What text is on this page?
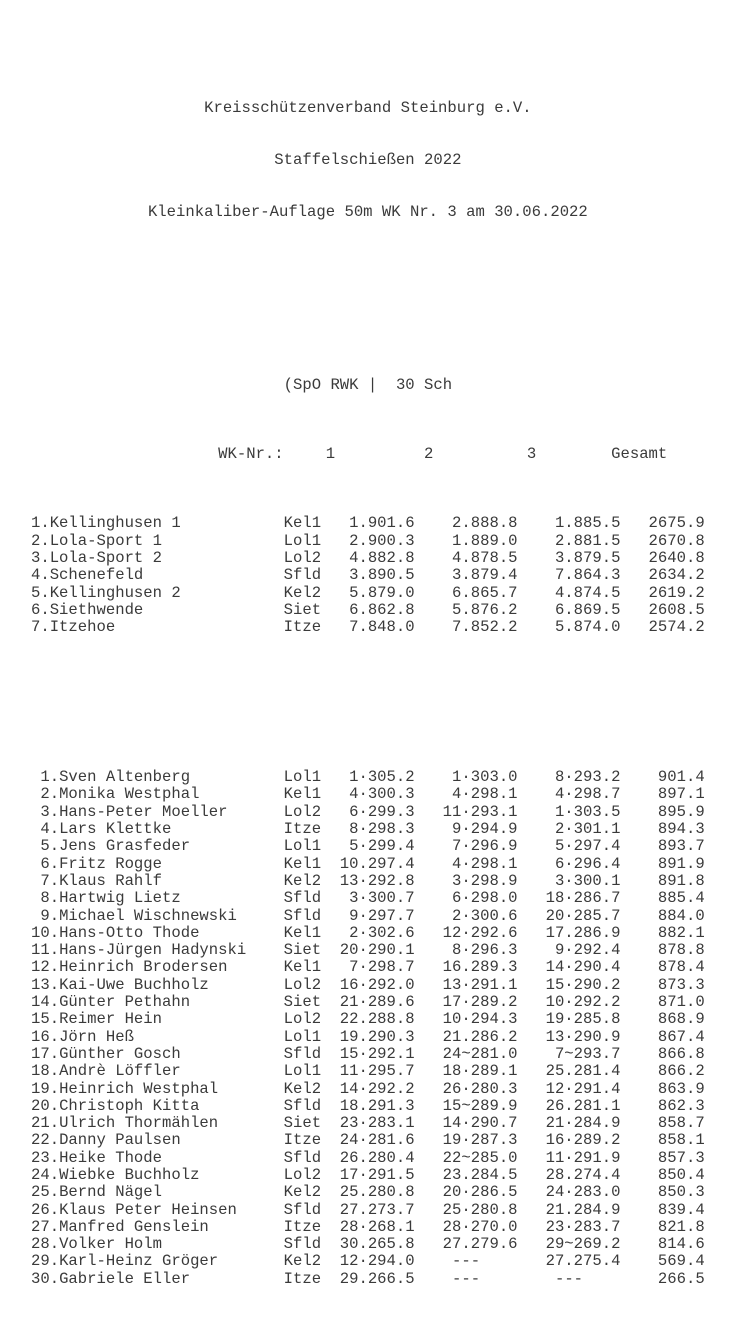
Kreisschützenverband Steinburg e.V.

Staffelschießen 2022

Kleinkaliber-Auflage 50m WK Nr. 3 am 30.06.2022

(SpO RWK |  30 Sch

WK-Nr.:	1	2	3	Gesamt

1.Kellinghusen 1	Kel1 1.901.6 2.888.8 1.885.5 2675.9
2.Lola-Sport 1	Lol1 2.900.3 1.889.0 2.881.5 2670.8
3.Lola-Sport 2	Lol2 4.882.8 4.878.5 3.879.5 2640.8
4.Schenefeld	Sfld 3.890.5 3.879.4 7.864.3 2634.2
5.Kellinghusen 2	Kel2 5.879.0 6.865.7 4.874.5 2619.2
6.Siethwende	Siet 6.862.8 5.876.2 6.869.5 2608.5
7.Itzehoe	Itze 7.848.0 7.852.2 5.874.0 2574.2

1.Sven Altenberg	Lol1 1·305.2 1·303.0 8·293.2 901.4
2.Monika Westphal	Kel1 4·300.3 4·298.1 4·298.7 897.1
3.Hans-Peter Moeller	Lol2 6·299.3 11·293.1 1·303.5 895.9
4.Lars Klettke	Itze 8·298.3 9·294.9 2·301.1 894.3
5.Jens Grasfeder	Lol1 5·299.4 7·296.9 5·297.4 893.7
6.Fritz Rogge	Kel1 10.297.4 4·298.1 6·296.4 891.9
7.Klaus Rahlf	Kel2 13·292.8 3·298.9 3·300.1 891.8
8.Hartwig Lietz	Sfld 3·300.7 6·298.0 18·286.7 885.4
9.Michael Wischnewski	Sfld 9·297.7 2·300.6 20·285.7 884.0
10.Hans-Otto Thode	Kel1 2·302.6 12·292.6 17.286.9 882.1
11.Hans-Jürgen Hadynski Siet 20·290.1 8·296.3 9·292.4 878.8
12.Heinrich Brodersen	Kel1 7·298.7 16.289.3 14·290.4 878.4
13.Kai-Uwe Buchholz	Lol2 16·292.0 13·291.1 15·290.2 873.3
14.Günter Pethahn	Siet 21·289.6 17·289.2 10·292.2 871.0
15.Reimer Hein	Lol2 22.288.8 10·294.3 19·285.8 868.9
16.Jörn Heß	Lol1 19.290.3 21.286.2 13·290.9 867.4
17.Günther Gosch	Sfld 15·292.1 24~281.0 7~293.7 866.8
18.Andrè Löffler	Lol1 11·295.7 18·289.1 25.281.4 866.2
19.Heinrich Westphal	Kel2 14·292.2 26·280.3 12·291.4 863.9
20.Christoph Kitta	Sfld 18.291.3 15~289.9 26.281.1 862.3
21.Ulrich Thormählen	Siet 23·283.1 14·290.7 21·284.9 858.7
22.Danny Paulsen	Itze 24·281.6 19·287.3 16·289.2 858.1
23.Heike Thode	Sfld 26.280.4 22~285.0 11·291.9 857.3
24.Wiebke Buchholz	Lol2 17·291.5 23.284.5 28.274.4 850.4
25.Bernd Nägel	Kel2 25.280.8 20·286.5 24·283.0 850.3
26.Klaus Peter Heinsen	Sfld 27.273.7 25·280.8 21.284.9 839.4
27.Manfred Genslein	Itze 28·268.1 28·270.0 23·283.7 821.8
28.Volker Holm	Sfld 30.265.8 27.279.6 29~269.2 814.6
29.Karl-Heinz Gröger	Kel2 12·294.0 ---	27.275.4 569.4
30.Gabriele Eller	Itze 29.266.5 ---	---	266.5
